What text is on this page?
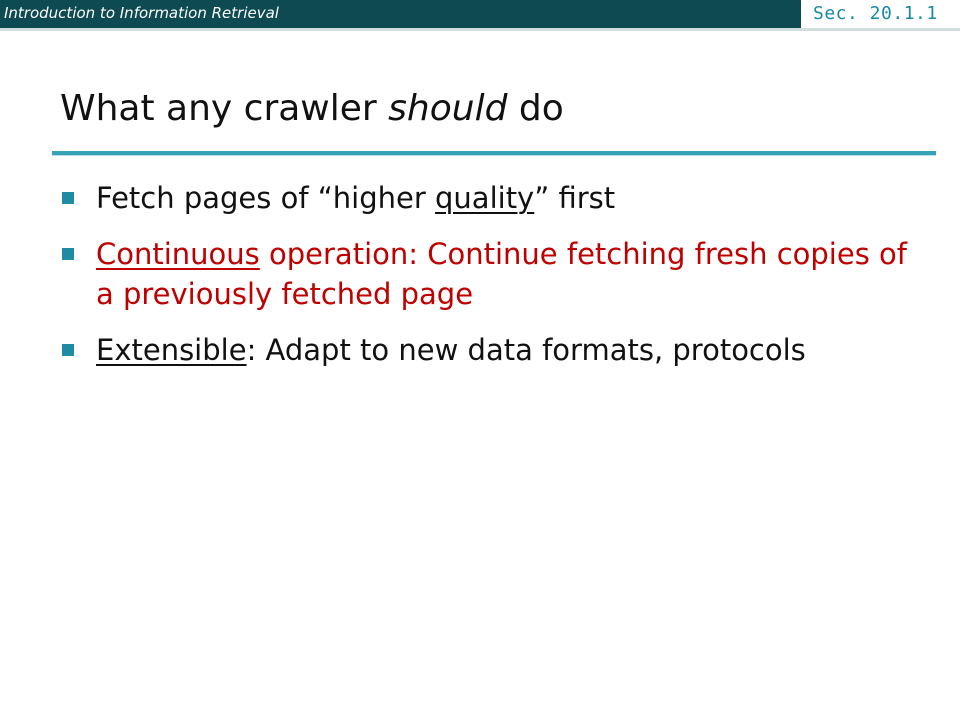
Introduction to Information Retrieval	Sec. 20.1.1
What any crawler should do
Fetch pages of “higher quality” first
Continuous operation: Continue fetching fresh copies of a previously fetched page
Extensible: Adapt to new data formats, protocols
